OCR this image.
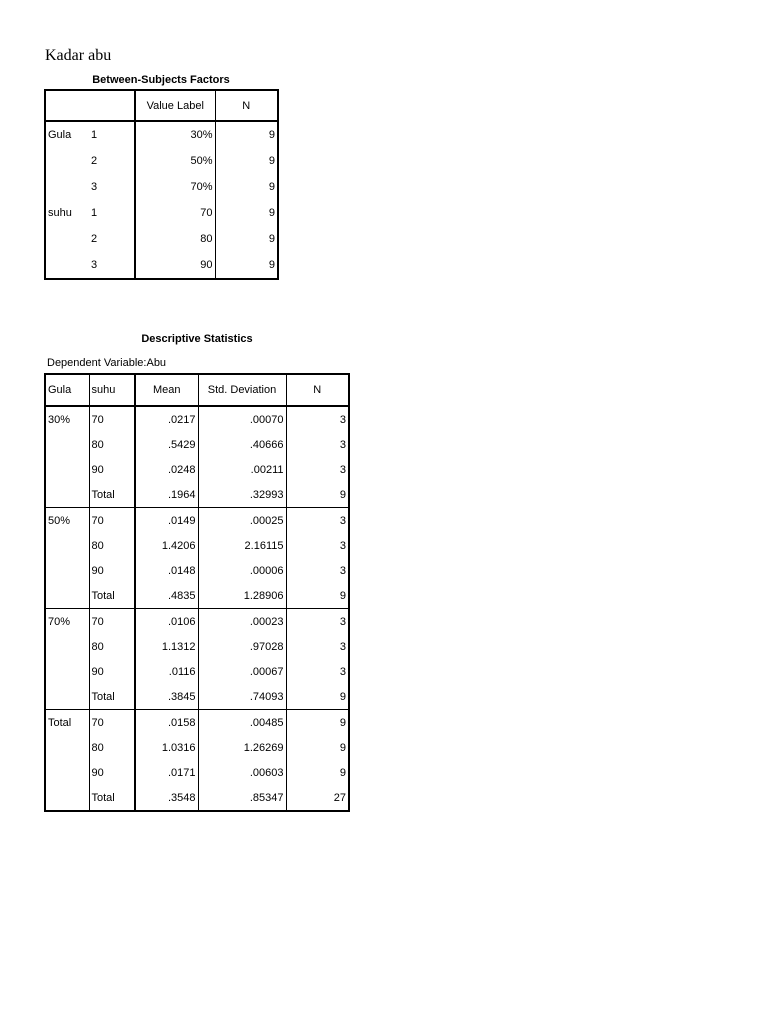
Kadar abu
Between-Subjects Factors
		Value Label	N
Gula	1	30%	9
	2	50%	9
	3	70%	9
suhu	1	70	9
	2	80	9
	3	90	9
Descriptive Statistics
Dependent Variable:Abu
Gula	suhu	Mean	Std. Deviation	N
30%	70	.0217	.00070	3
	80	.5429	.40666	3
	90	.0248	.00211	3
	Total	.1964	.32993	9
50%	70	.0149	.00025	3
	80	1.4206	2.16115	3
	90	.0148	.00006	3
	Total	.4835	1.28906	9
70%	70	.0106	.00023	3
	80	1.1312	.97028	3
	90	.0116	.00067	3
	Total	.3845	.74093	9
Total	70	.0158	.00485	9
	80	1.0316	1.26269	9
	90	.0171	.00603	9
	Total	.3548	.85347	27
